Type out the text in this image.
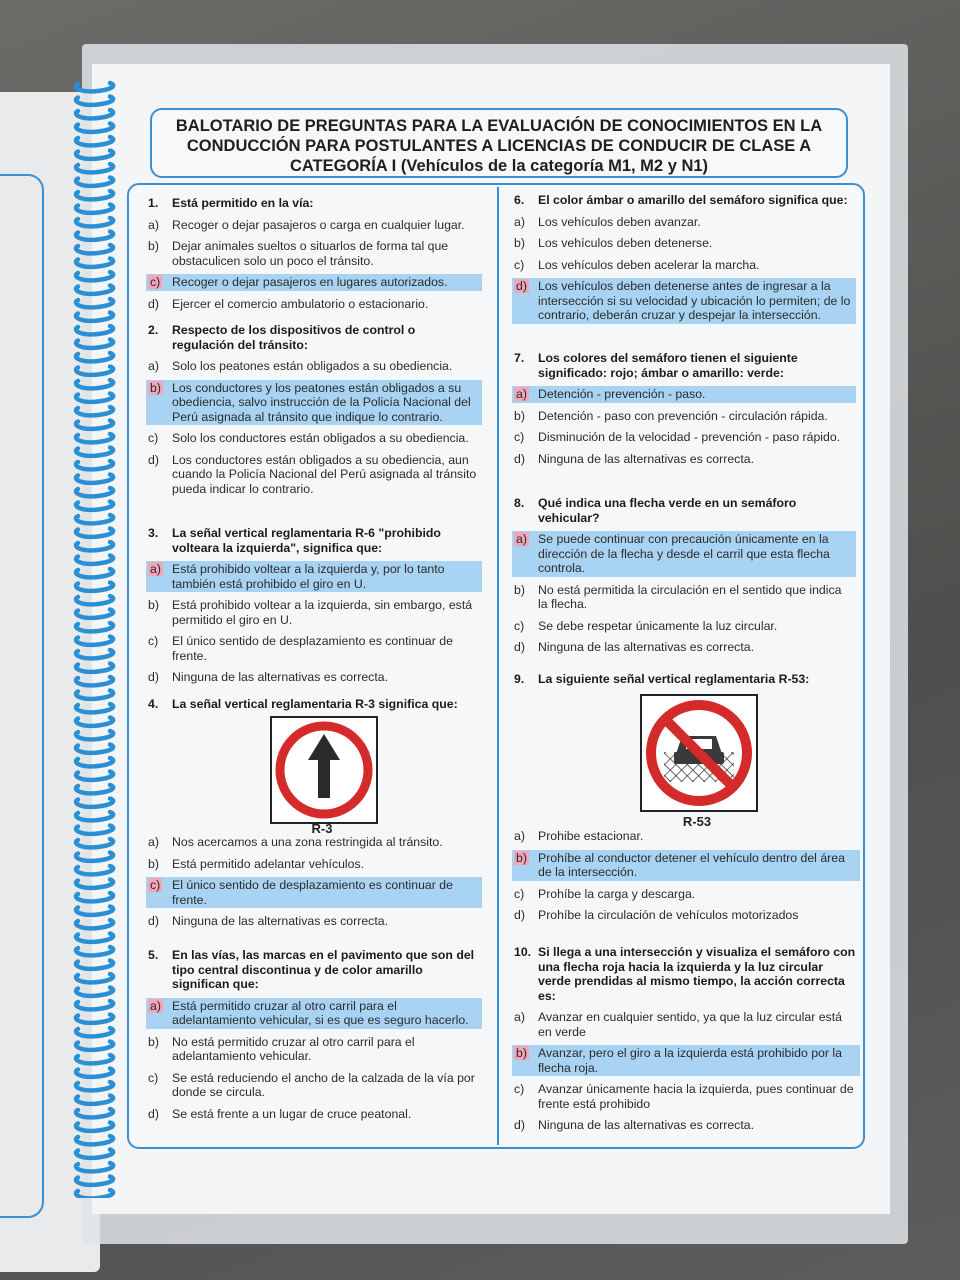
BALOTARIO DE PREGUNTAS PARA LA EVALUACIÓN DE CONOCIMIENTOS EN LA
CONDUCCIÓN PARA POSTULANTES A LICENCIAS DE CONDUCIR DE CLASE A
CATEGORÍA I (Vehículos de la categoría M1, M2 y N1)
1.	Está permitido en la vía:
a)	Recoger o dejar pasajeros o carga en cualquier lugar.
b)	Dejar animales sueltos o situarlos de forma tal que obstaculicen solo un poco el tránsito.
c) Recoger o dejar pasajeros en lugares autorizados.
d)	Ejercer el comercio ambulatorio o estacionario.
2.	Respecto de los dispositivos de control o regulación del tránsito:
a)	Solo los peatones están obligados a su obediencia.
b) Los conductores y los peatones están obligados a su obediencia, salvo instrucción de la Policía Nacional del Perú asignada al tránsito que indique lo contrario.
c)	Solo los conductores están obligados a su obediencia.
d)	Los conductores están obligados a su obediencia, aun cuando la Policía Nacional del Perú asignada al tránsito pueda indicar lo contrario.
3.	La señal vertical reglamentaria R-6 "prohibido volteara la izquierda", significa que:
a) Está prohibido voltear a la izquierda y, por lo tanto también está prohibido el giro en U.
b)	Está prohibido voltear a la izquierda, sin embargo, está permitido el giro en U.
c)	El único sentido de desplazamiento es continuar de frente.
d)	Ninguna de las alternativas es correcta.
4.	La señal vertical reglamentaria R-3 significa que:
R-3
a)	Nos acercamos a una zona restringida al tránsito.
b)	Está permitido adelantar vehículos.
c) El único sentido de desplazamiento es continuar de frente.
d)	Ninguna de las alternativas es correcta.
5.	En las vías, las marcas en el pavimento que son del tipo central discontinua y de color amarillo significan que:
a) Está permitido cruzar al otro carril para el adelantamiento vehicular, si es que es seguro hacerlo.
b)	No está permitido cruzar al otro carril para el adelantamiento vehicular.
c)	Se está reduciendo el ancho de la calzada de la vía por donde se circula.
d)	Se está frente a un lugar de cruce peatonal.
6.	El color ámbar o amarillo del semáforo significa que:
a)	Los vehículos deben avanzar.
b)	Los vehículos deben detenerse.
c)	Los vehículos deben acelerar la marcha.
d) Los vehículos deben detenerse antes de ingresar a la intersección si su velocidad y ubicación lo permiten; de lo contrario, deberán cruzar y despejar la intersección.
7.	Los colores del semáforo tienen el siguiente significado: rojo; ámbar o amarillo: verde:
a) Detención - prevención - paso.
b)	Detención - paso con prevención - circulación rápida.
c)	Disminución de la velocidad - prevención - paso rápido.
d)	Ninguna de las alternativas es correcta.
8.	Qué indica una flecha verde en un semáforo vehicular?
a) Se puede continuar con precaución únicamente en la dirección de la flecha y desde el carril que esta flecha controla.
b)	No está permitida la circulación en el sentido que indica la flecha.
c)	Se debe respetar únicamente la luz circular.
d)	Ninguna de las alternativas es correcta.
9.	La siguiente señal vertical reglamentaria R-53:
R-53
a)	Prohibe estacionar.
b) Prohíbe al conductor detener el vehículo dentro del área de la intersección.
c)	Prohíbe la carga y descarga.
d)	Prohíbe la circulación de vehículos motorizados
10. Si llega a una intersección y visualiza el semáforo con una flecha roja hacia la izquierda y la luz circular verde prendidas al mismo tiempo, la acción correcta es:
a)	Avanzar en cualquier sentido, ya que la luz circular está en verde
b) Avanzar, pero el giro a la izquierda está prohibido por la flecha roja.
c)	Avanzar únicamente hacia la izquierda, pues continuar de frente está prohibido
d)	Ninguna de las alternativas es correcta.
